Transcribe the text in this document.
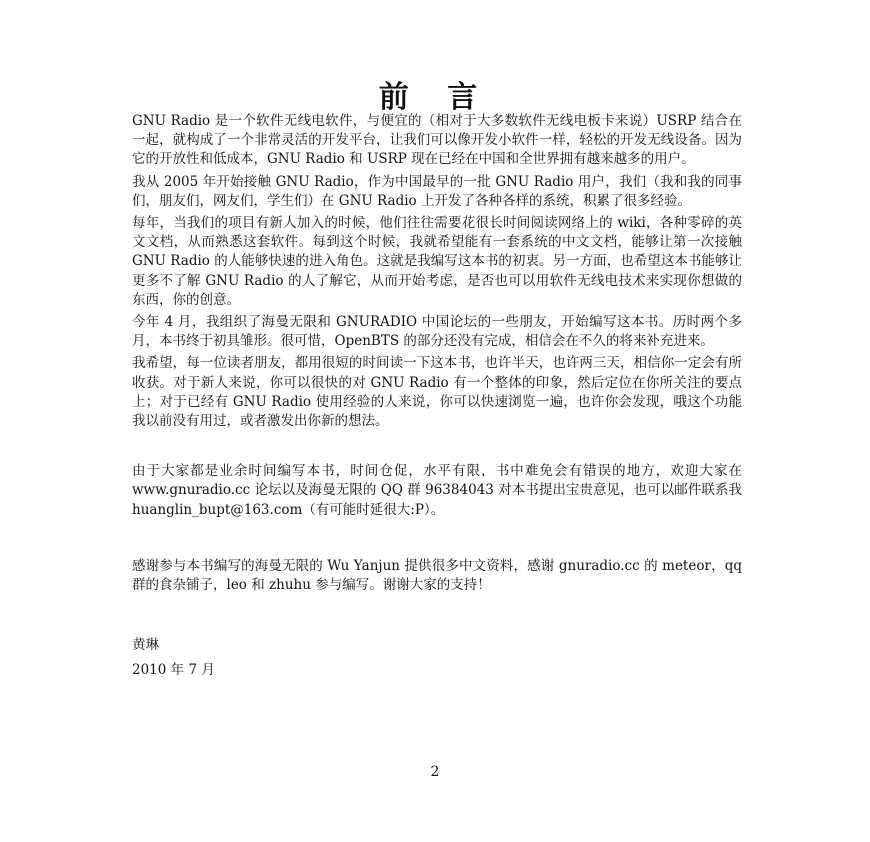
前 言

GNU Radio 是一个软件无线电软件，与便宜的（相对于大多数软件无线电板卡来说）USRP 结合在一起，就构成了一个非常灵活的开发平台，让我们可以像开发小软件一样，轻松的开发无线设备。因为它的开放性和低成本，GNU Radio 和 USRP 现在已经在中国和全世界拥有越来越多的用户。

我从 2005 年开始接触 GNU Radio，作为中国最早的一批 GNU Radio 用户，我们（我和我的同事们，朋友们，网友们，学生们）在 GNU Radio 上开发了各种各样的系统，积累了很多经验。

每年，当我们的项目有新人加入的时候，他们往往需要花很长时间阅读网络上的 wiki，各种零碎的英文文档，从而熟悉这套软件。每到这个时候，我就希望能有一套系统的中文文档，能够让第一次接触 GNU Radio 的人能够快速的进入角色。这就是我编写这本书的初衷。另一方面，也希望这本书能够让更多不了解 GNU Radio 的人了解它，从而开始考虑，是否也可以用软件无线电技术来实现你想做的东西，你的创意。

今年 4 月，我组织了海曼无限和 GNURADIO 中国论坛的一些朋友，开始编写这本书。历时两个多月，本书终于初具雏形。很可惜，OpenBTS 的部分还没有完成，相信会在不久的将来补充进来。

我希望，每一位读者朋友，都用很短的时间读一下这本书，也许半天，也许两三天，相信你一定会有所收获。对于新人来说，你可以很快的对 GNU Radio 有一个整体的印象，然后定位在你所关注的要点上；对于已经有 GNU Radio 使用经验的人来说，你可以快速浏览一遍，也许你会发现，哦这个功能我以前没有用过，或者激发出你新的想法。

由于大家都是业余时间编写本书，时间仓促，水平有限，书中难免会有错误的地方，欢迎大家在 www.gnuradio.cc 论坛以及海曼无限的 QQ 群 96384043 对本书提出宝贵意见，也可以邮件联系我 huanglin_bupt@163.com（有可能时延很大:P）。

感谢参与本书编写的海曼无限的 Wu Yanjun 提供很多中文资料，感谢 gnuradio.cc 的 meteor，qq 群的食杂铺子，leo 和 zhuhu 参与编写。谢谢大家的支持！

黄琳

2010 年 7 月

2
